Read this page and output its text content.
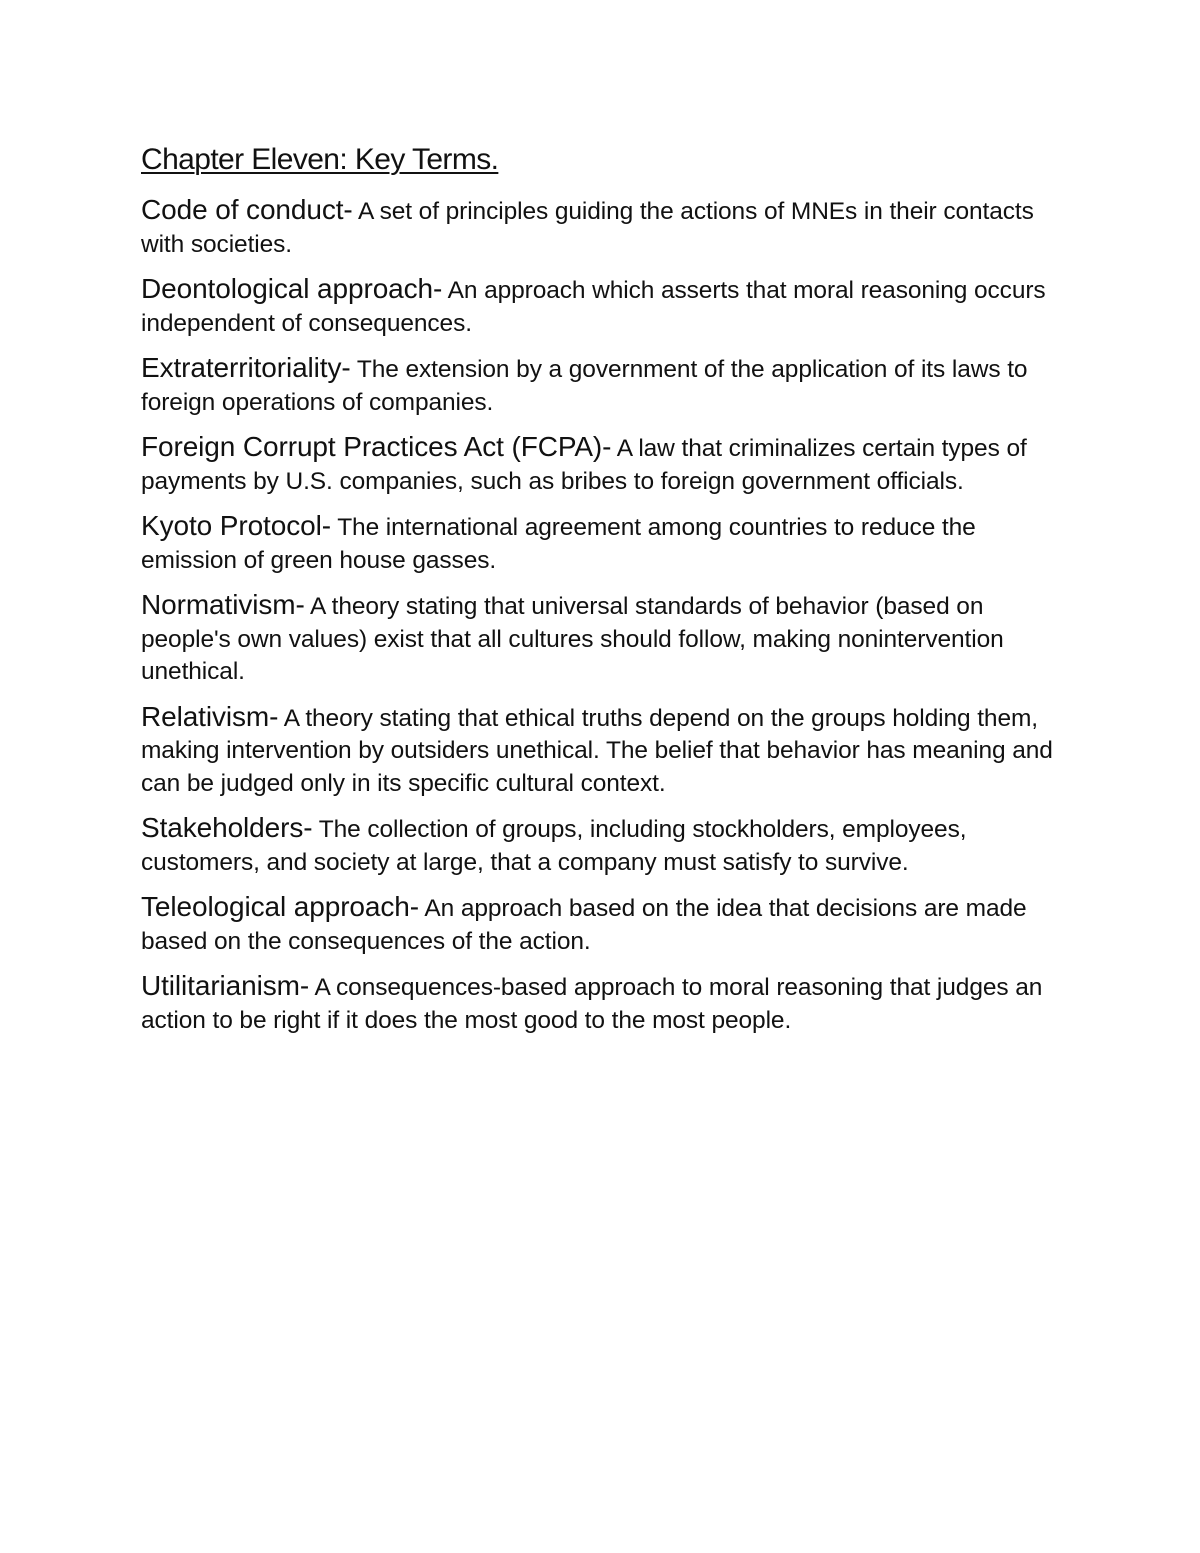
Chapter Eleven: Key Terms.
Code of conduct- A set of principles guiding the actions of MNEs in their contacts with societies.
Deontological approach- An approach which asserts that moral reasoning occurs independent of consequences.
Extraterritoriality- The extension by a government of the application of its laws to foreign operations of companies.
Foreign Corrupt Practices Act (FCPA)- A law that criminalizes certain types of payments by U.S. companies, such as bribes to foreign government officials.
Kyoto Protocol- The international agreement among countries to reduce the emission of green house gasses.
Normativism- A theory stating that universal standards of behavior (based on people's own values) exist that all cultures should follow, making nonintervention unethical.
Relativism- A theory stating that ethical truths depend on the groups holding them, making intervention by outsiders unethical. The belief that behavior has meaning and can be judged only in its specific cultural context.
Stakeholders- The collection of groups, including stockholders, employees, customers, and society at large, that a company must satisfy to survive.
Teleological approach- An approach based on the idea that decisions are made based on the consequences of the action.
Utilitarianism- A consequences-based approach to moral reasoning that judges an action to be right if it does the most good to the most people.
